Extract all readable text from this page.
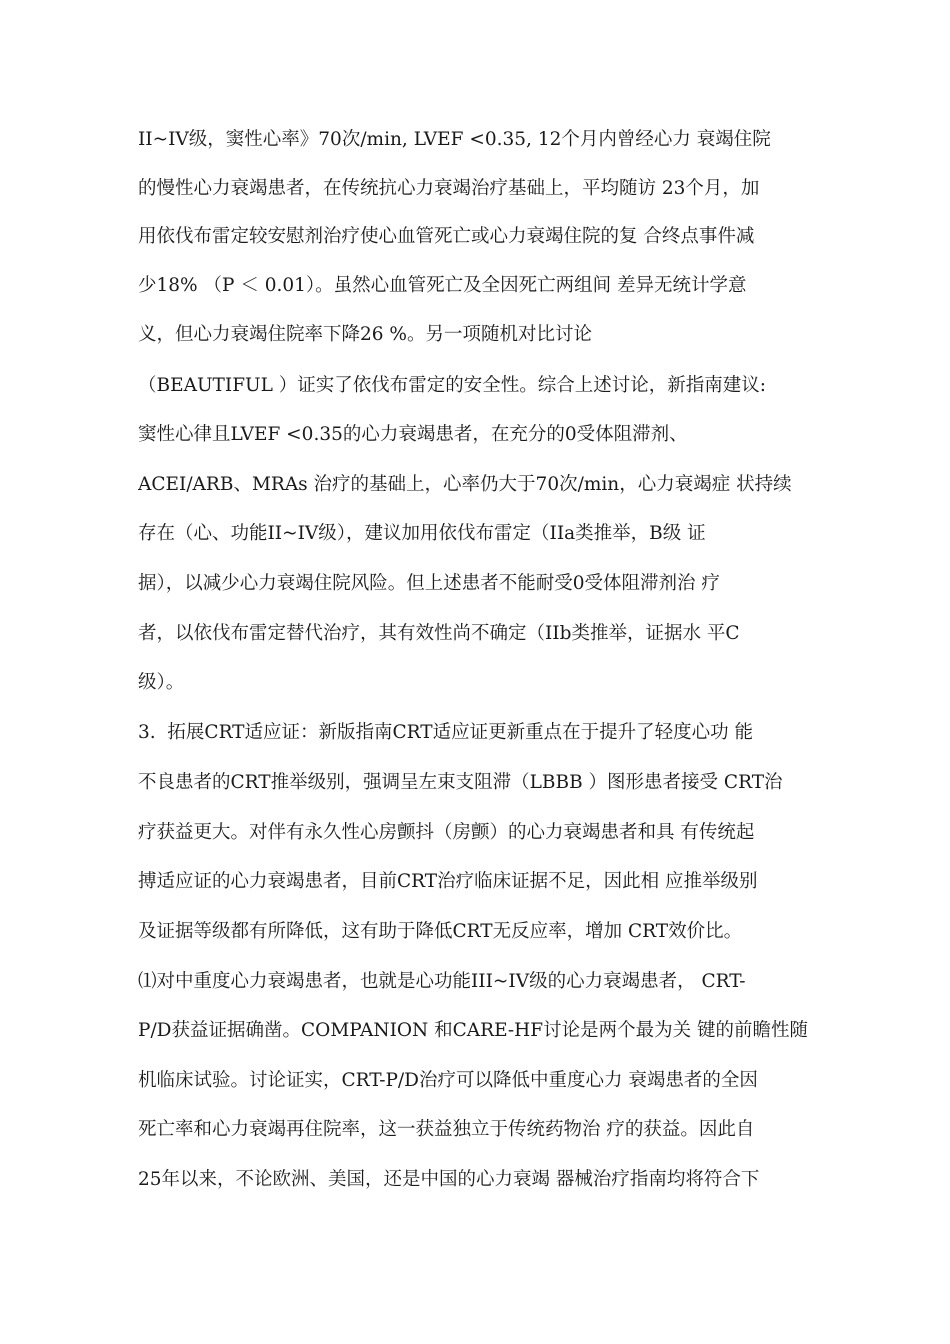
II~IV级，窦性心率》70次/min, LVEF <0.35, 12个月内曾经心力 衰竭住院
的慢性心力衰竭患者，在传统抗心力衰竭治疗基础上，平均随访 23个月，加
用依伐布雷定较安慰剂治疗使心血管死亡或心力衰竭住院的复 合终点事件减
少18% （P ＜ 0.01）。虽然心血管死亡及全因死亡两组间 差异无统计学意
义，但心力衰竭住院率下降26 %。另一项随机对比讨论
（BEAUTIFUL ）证实了依伐布雷定的安全性。综合上述讨论，新指南建议:
窦性心律且LVEF <0.35的心力衰竭患者，在充分的0受体阻滞剂、
ACEI/ARB、MRAs 治疗的基础上，心率仍大于70次/min，心力衰竭症 状持续
存在（心、功能II~IV级），建议加用依伐布雷定（IIa类推举，B级 证
据），以减少心力衰竭住院风险。但上述患者不能耐受0受体阻滞剂治 疗
者，以依伐布雷定替代治疗，其有效性尚不确定（IIb类推举，证据水 平C
级）。
3.  拓展CRT适应证：新版指南CRT适应证更新重点在于提升了轻度心功 能
不良患者的CRT推举级别，强调呈左束支阻滞（LBBB ）图形患者接受 CRT治
疗获益更大。对伴有永久性心房颤抖（房颤）的心力衰竭患者和具 有传统起
搏适应证的心力衰竭患者，目前CRT治疗临床证据不足，因此相 应推举级别
及证据等级都有所降低，这有助于降低CRT无反应率，增加 CRT效价比。
⑴对中重度心力衰竭患者，也就是心功能III~IV级的心力衰竭患者， CRT-
P/D获益证据确凿。COMPANION 和CARE-HF讨论是两个最为关 键的前瞻性随
机临床试验。讨论证实，CRT-P/D治疗可以降低中重度心力 衰竭患者的全因
死亡率和心力衰竭再住院率，这一获益独立于传统药物治 疗的获益。因此自
25年以来，不论欧洲、美国，还是中国的心力衰竭 器械治疗指南均将符合下
